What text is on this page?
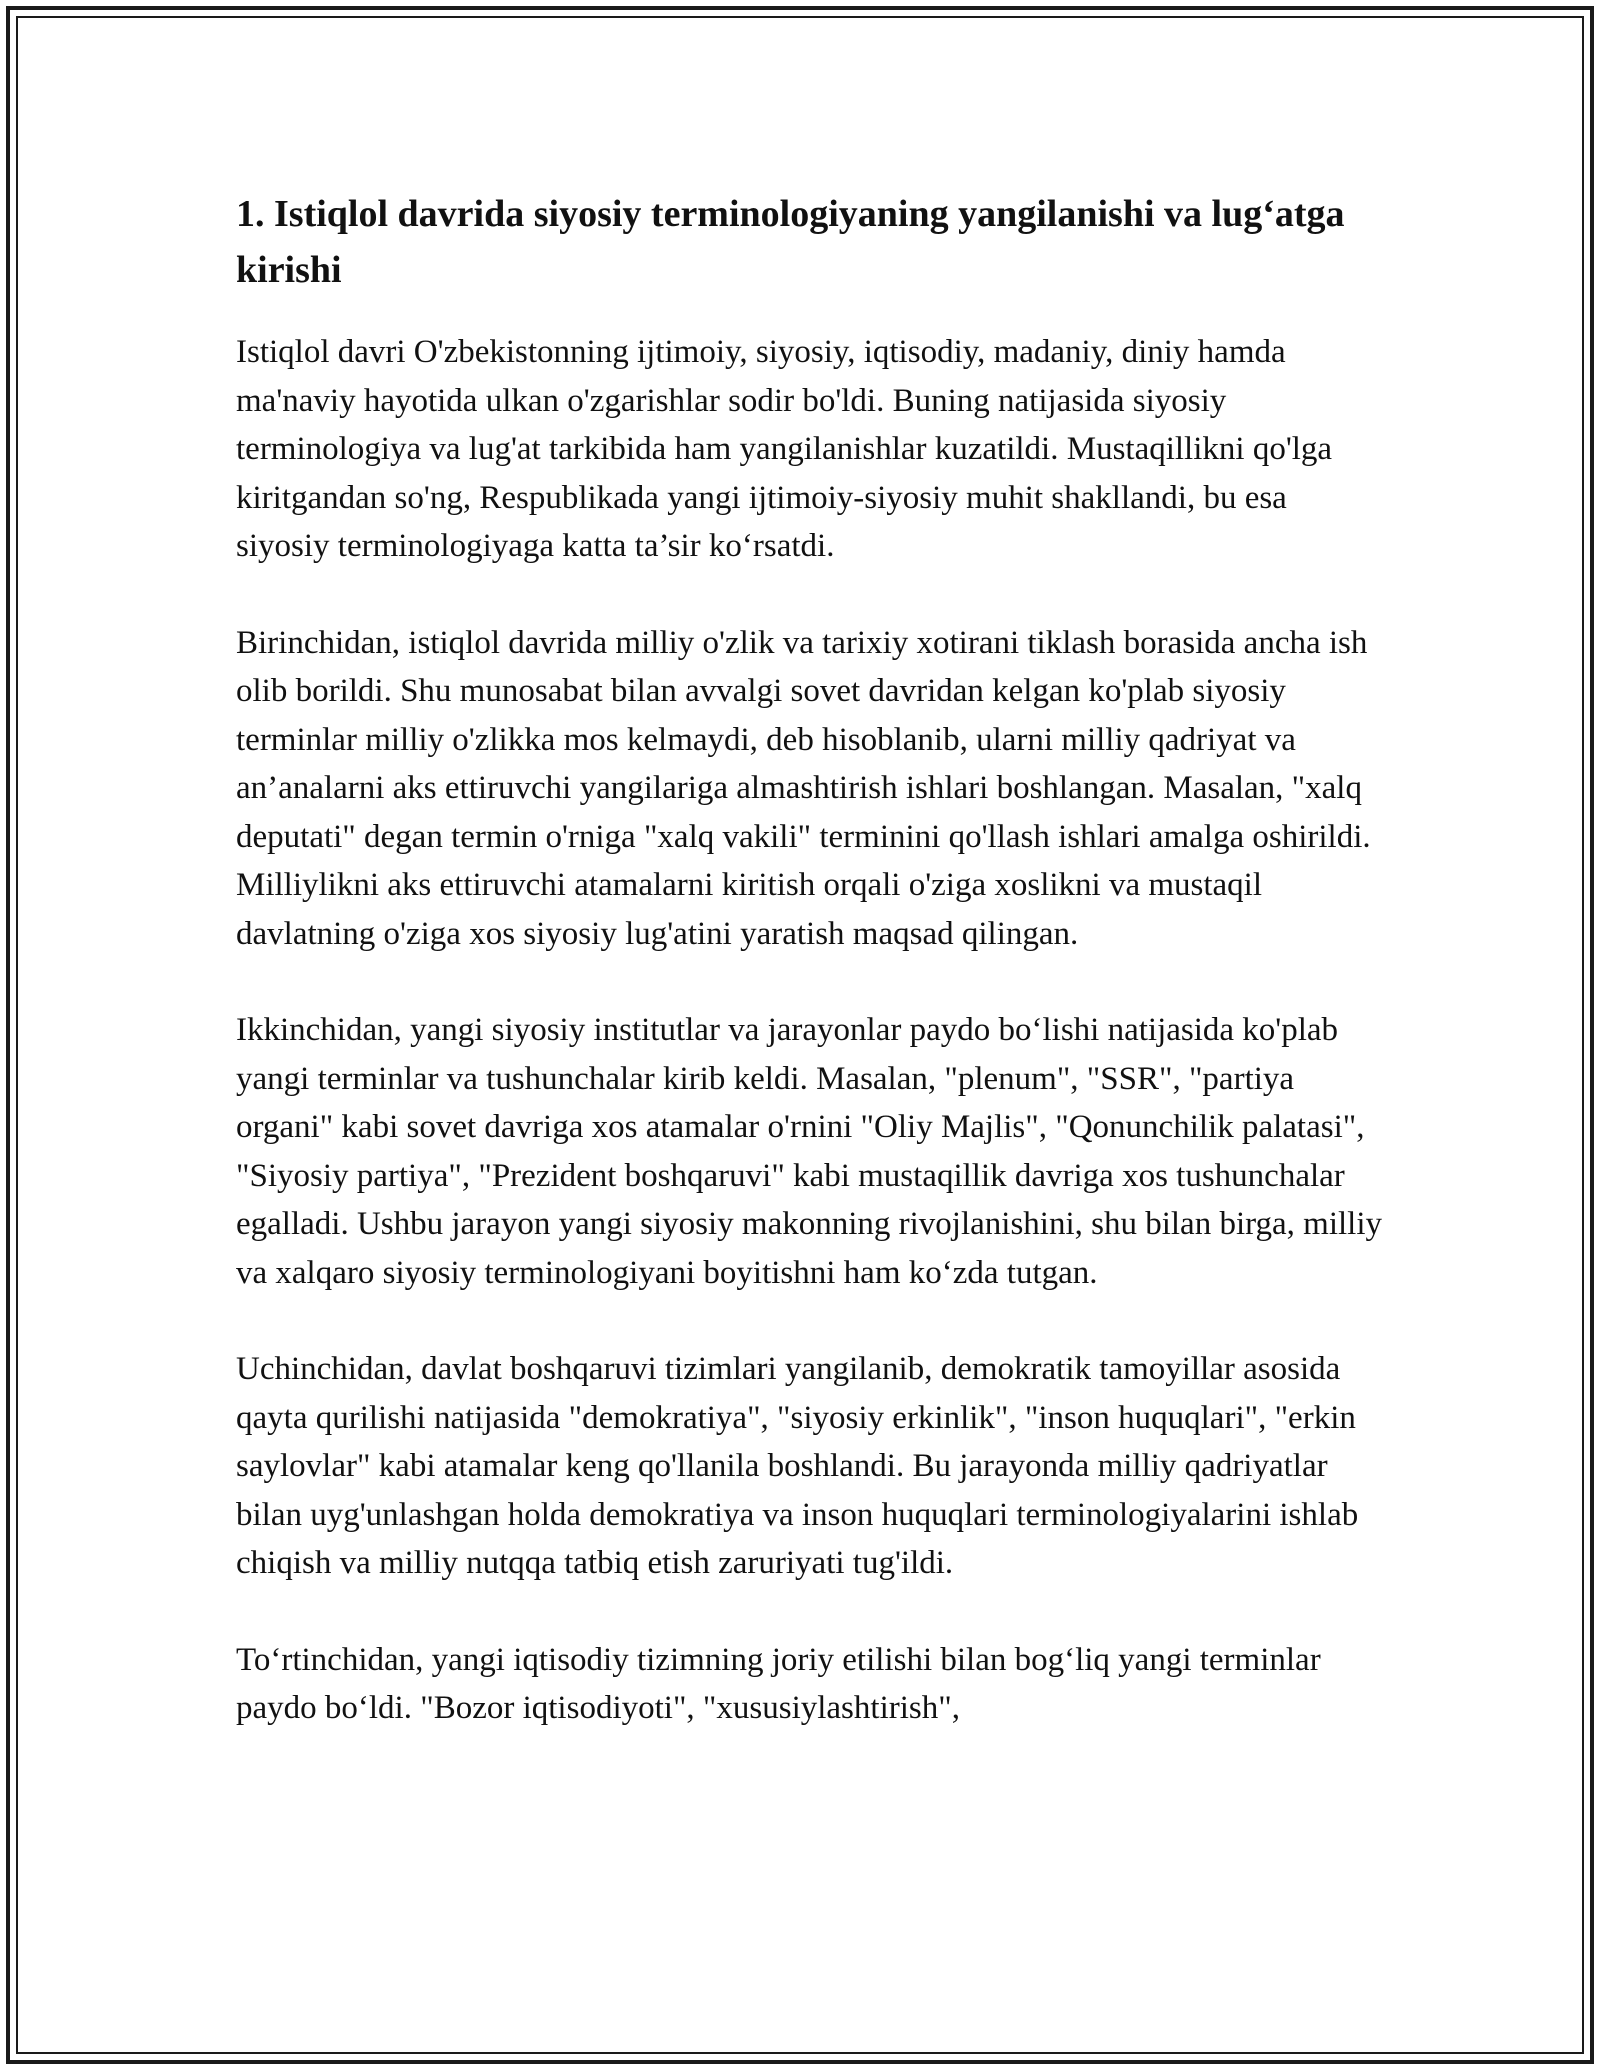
1. Istiqlol davrida siyosiy terminologiyaning yangilanishi va lug‘atga kirishi

Istiqlol davri O'zbekistonning ijtimoiy, siyosiy, iqtisodiy, madaniy, diniy hamda ma'naviy hayotida ulkan o'zgarishlar sodir bo'ldi. Buning natijasida siyosiy terminologiya va lug'at tarkibida ham yangilanishlar kuzatildi. Mustaqillikni qo'lga kiritgandan so'ng, Respublikada yangi ijtimoiy-siyosiy muhit shakllandi, bu esa siyosiy terminologiyaga katta ta’sir ko‘rsatdi.

Birinchidan, istiqlol davrida milliy o'zlik va tarixiy xotirani tiklash borasida ancha ish olib borildi. Shu munosabat bilan avvalgi sovet davridan kelgan ko'plab siyosiy terminlar milliy o'zlikka mos kelmaydi, deb hisoblanib, ularni milliy qadriyat va an’analarni aks ettiruvchi yangilariga almashtirish ishlari boshlangan. Masalan, "xalq deputati" degan termin o'rniga "xalq vakili" terminini qo'llash ishlari amalga oshirildi. Milliylikni aks ettiruvchi atamalarni kiritish orqali o'ziga xoslikni va mustaqil davlatning o'ziga xos siyosiy lug'atini yaratish maqsad qilingan.

Ikkinchidan, yangi siyosiy institutlar va jarayonlar paydo bo‘lishi natijasida ko'plab yangi terminlar va tushunchalar kirib keldi. Masalan, "plenum", "SSR", "partiya organi" kabi sovet davriga xos atamalar o'rnini "Oliy Majlis", "Qonunchilik palatasi", "Siyosiy partiya", "Prezident boshqaruvi" kabi mustaqillik davriga xos tushunchalar egalladi. Ushbu jarayon yangi siyosiy makonning rivojlanishini, shu bilan birga, milliy va xalqaro siyosiy terminologiyani boyitishni ham ko‘zda tutgan.

Uchinchidan, davlat boshqaruvi tizimlari yangilanib, demokratik tamoyillar asosida qayta qurilishi natijasida "demokratiya", "siyosiy erkinlik", "inson huquqlari", "erkin saylovlar" kabi atamalar keng qo'llanila boshlandi. Bu jarayonda milliy qadriyatlar bilan uyg'unlashgan holda demokratiya va inson huquqlari terminologiyalarini ishlab chiqish va milliy nutqqa tatbiq etish zaruriyati tug'ildi.

To‘rtinchidan, yangi iqtisodiy tizimning joriy etilishi bilan bog‘liq yangi terminlar paydo bo‘ldi. "Bozor iqtisodiyoti", "xususiylashtirish",
